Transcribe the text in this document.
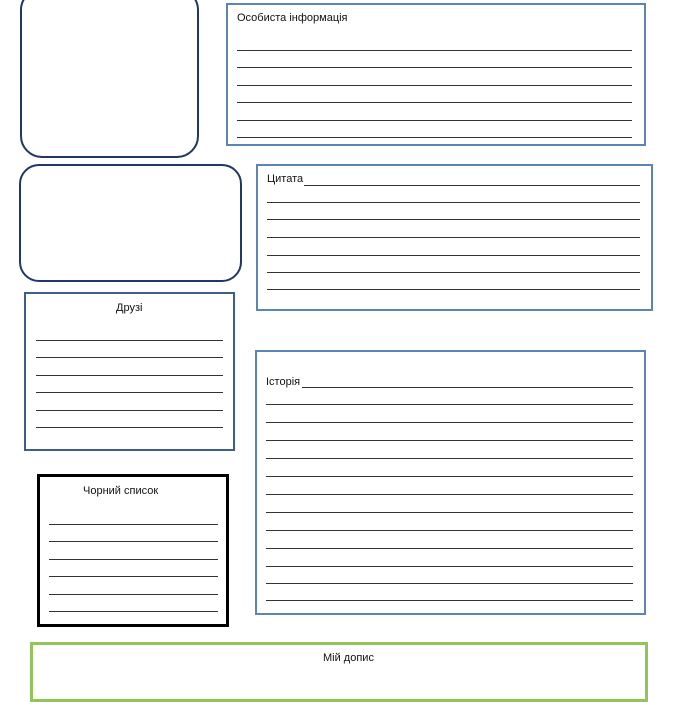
Особиста інформація
Цитата
Друзі
Історія
Чорний список
Мій допис
